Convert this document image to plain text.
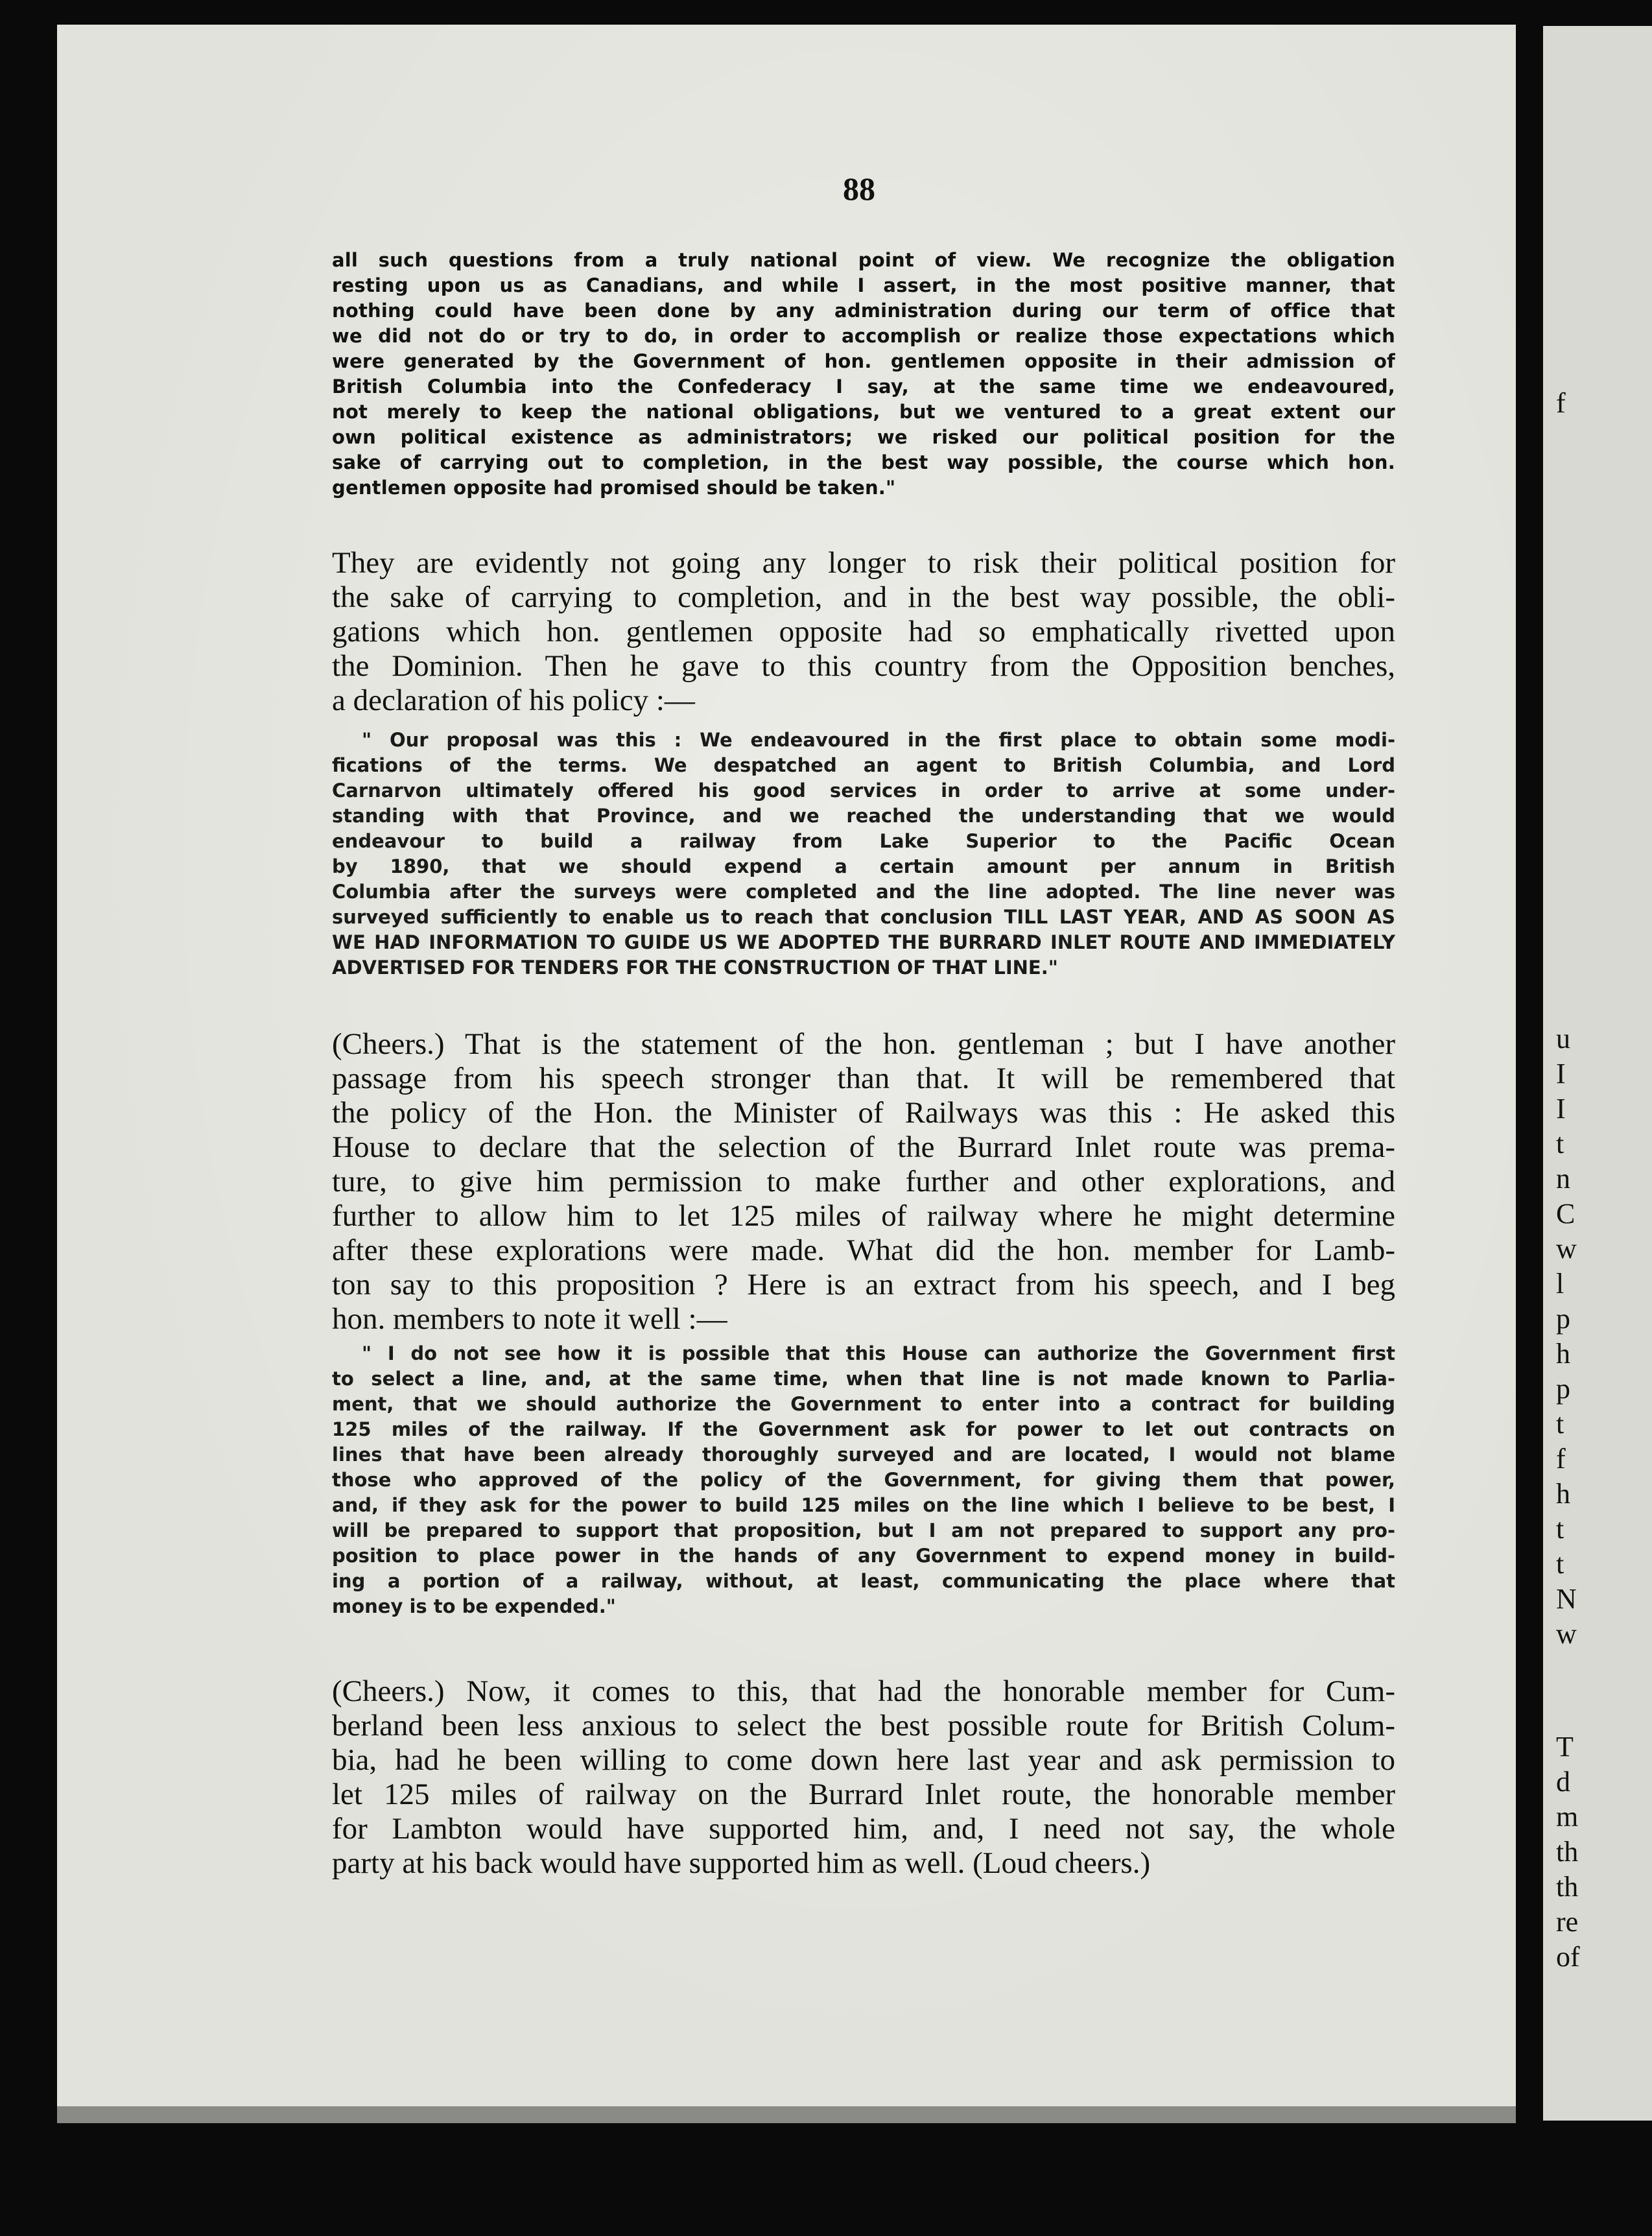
f
u
I
I
t
n
C
w
l
p
h
p
t
f
h
t
t
N
w
T
d
m
th
th
re
of
88
all such questions from a truly national point of view. We recognize the obligation
resting upon us as Canadians, and while I assert, in the most positive manner, that
nothing could have been done by any administration during our term of office that
we did not do or try to do, in order to accomplish or realize those expectations which
were generated by the Government of hon. gentlemen opposite in their admission of
British Columbia into the Confederacy I say, at the same time we endeavoured,
not merely to keep the national obligations, but we ventured to a great extent our
own political existence as administrators; we risked our political position for the
sake of carrying out to completion, in the best way possible, the course which hon.
gentlemen opposite had promised should be taken."
They are evidently not going any longer to risk their political position for
the sake of carrying to completion, and in the best way possible, the obli-
gations which hon. gentlemen opposite had so emphatically rivetted upon
the Dominion. Then he gave to this country from the Opposition benches,
a declaration of his policy :—
" Our proposal was this : We endeavoured in the first place to obtain some modi-
fications of the terms. We despatched an agent to British Columbia, and Lord
Carnarvon ultimately offered his good services in order to arrive at some under-
standing with that Province, and we reached the understanding that we would
endeavour to build a railway from Lake Superior to the Pacific Ocean
by 1890, that we should expend a certain amount per annum in British
Columbia after the surveys were completed and the line adopted. The line never was
surveyed sufficiently to enable us to reach that conclusion TILL LAST YEAR, AND AS SOON AS
WE HAD INFORMATION TO GUIDE US WE ADOPTED THE BURRARD INLET ROUTE AND IMMEDIATELY
ADVERTISED FOR TENDERS FOR THE CONSTRUCTION OF THAT LINE."
(Cheers.) That is the statement of the hon. gentleman ; but I have another
passage from his speech stronger than that. It will be remembered that
the policy of the Hon. the Minister of Railways was this : He asked this
House to declare that the selection of the Burrard Inlet route was prema-
ture, to give him permission to make further and other explorations, and
further to allow him to let 125 miles of railway where he might determine
after these explorations were made. What did the hon. member for Lamb-
ton say to this proposition ? Here is an extract from his speech, and I beg
hon. members to note it well :—
" I do not see how it is possible that this House can authorize the Government first
to select a line, and, at the same time, when that line is not made known to Parlia-
ment, that we should authorize the Government to enter into a contract for building
125 miles of the railway. If the Government ask for power to let out contracts on
lines that have been already thoroughly surveyed and are located, I would not blame
those who approved of the policy of the Government, for giving them that power,
and, if they ask for the power to build 125 miles on the line which I believe to be best, I
will be prepared to support that proposition, but I am not prepared to support any pro-
position to place power in the hands of any Government to expend money in build-
ing a portion of a railway, without, at least, communicating the place where that
money is to be expended."
(Cheers.) Now, it comes to this, that had the honorable member for Cum-
berland been less anxious to select the best possible route for British Colum-
bia, had he been willing to come down here last year and ask permission to
let 125 miles of railway on the Burrard Inlet route, the honorable member
for Lambton would have supported him, and, I need not say, the whole
party at his back would have supported him as well. (Loud cheers.)
